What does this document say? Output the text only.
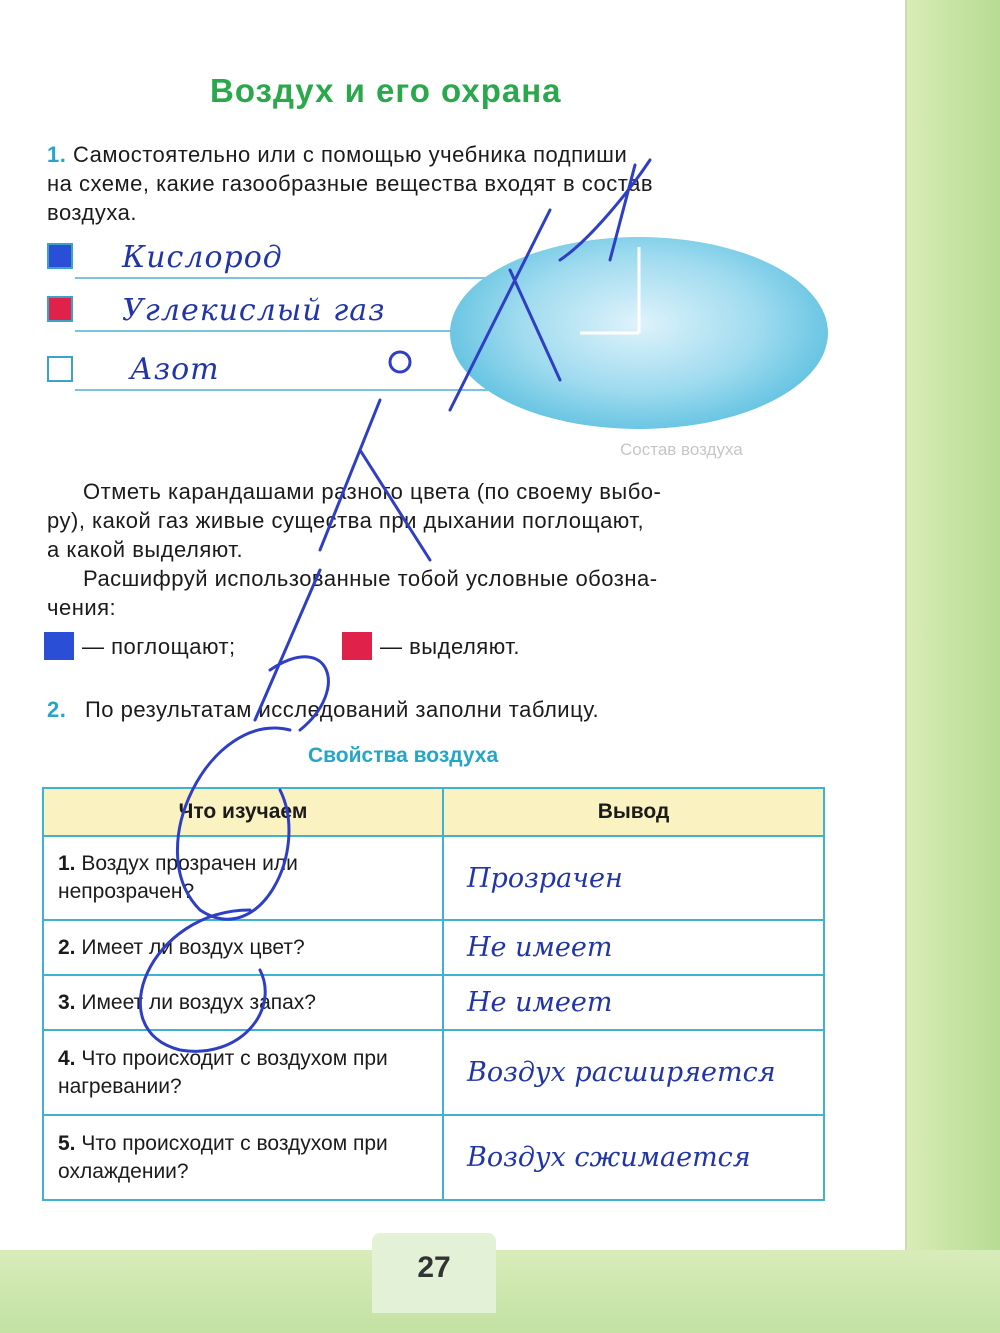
Воздух и его охрана
1. Самостоятельно или с помощью учебника подпиши
на схеме, какие газообразные вещества входят в состав
воздуха.
Кислород
Углекислый газ
Азот
Состав воздуха
Отметь карандашами разного цвета (по своему выбо-
ру), какой газ живые существа при дыхании поглощают,
а какой выделяют.
Расшифруй использованные тобой условные обозна-
чения:
— поглощают;	— выделяют.
2. По результатам исследований заполни таблицу.
Свойства воздуха
Что изучаем	Вывод
1. Воздух прозрачен или непрозрачен?	Прозрачен
2. Имеет ли воздух цвет?	Не имеет
3. Имеет ли воздух запах?	Не имеет
4. Что происходит с воздухом при нагревании?	Воздух расширяется
5. Что происходит с воздухом при охлаждении?	Воздух сжимается
27
